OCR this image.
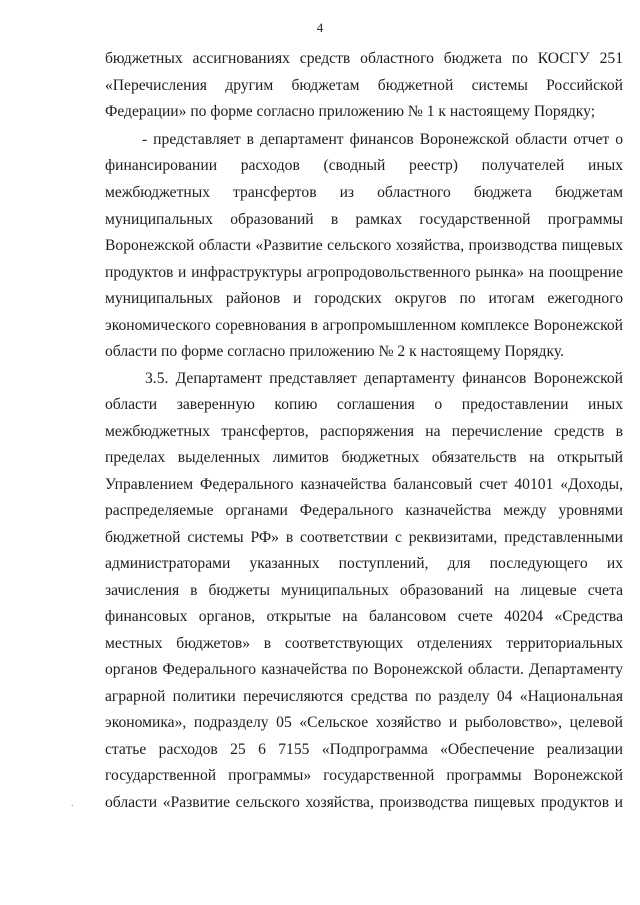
4
бюджетных ассигнованиях средств областного бюджета по КОСГУ 251
«Перечисления другим бюджетам бюджетной системы Российской
Федерации» по форме согласно приложению № 1 к настоящему Порядку;
- представляет в департамент финансов Воронежской области отчет о
финансировании расходов (сводный реестр) получателей иных
межбюджетных трансфертов из областного бюджета бюджетам
муниципальных образований в рамках государственной программы
Воронежской области «Развитие сельского хозяйства, производства пищевых
продуктов и инфраструктуры агропродовольственного рынка» на поощрение
муниципальных районов и городских округов по итогам ежегодного
экономического соревнования в агропромышленном комплексе Воронежской
области по форме согласно приложению № 2 к настоящему Порядку.
3.5. Департамент представляет департаменту финансов Воронежской
области заверенную копию соглашения о предоставлении иных
межбюджетных трансфертов, распоряжения на перечисление средств в
пределах выделенных лимитов бюджетных обязательств на открытый
Управлением Федерального казначейства балансовый счет 40101 «Доходы,
распределяемые органами Федерального казначейства между уровнями
бюджетной системы РФ» в соответствии с реквизитами, представленными
администраторами указанных поступлений, для последующего их
зачисления в бюджеты муниципальных образований на лицевые счета
финансовых органов, открытые на балансовом счете 40204 «Средства
местных бюджетов» в соответствующих отделениях территориальных
органов Федерального казначейства по Воронежской области. Департаменту
аграрной политики перечисляются средства по разделу 04 «Национальная
экономика», подразделу 05 «Сельское хозяйство и рыболовство», целевой
статье расходов 25 6 7155 «Подпрограмма «Обеспечение реализации
государственной программы» государственной программы Воронежской
области «Развитие сельского хозяйства, производства пищевых продуктов и
.
